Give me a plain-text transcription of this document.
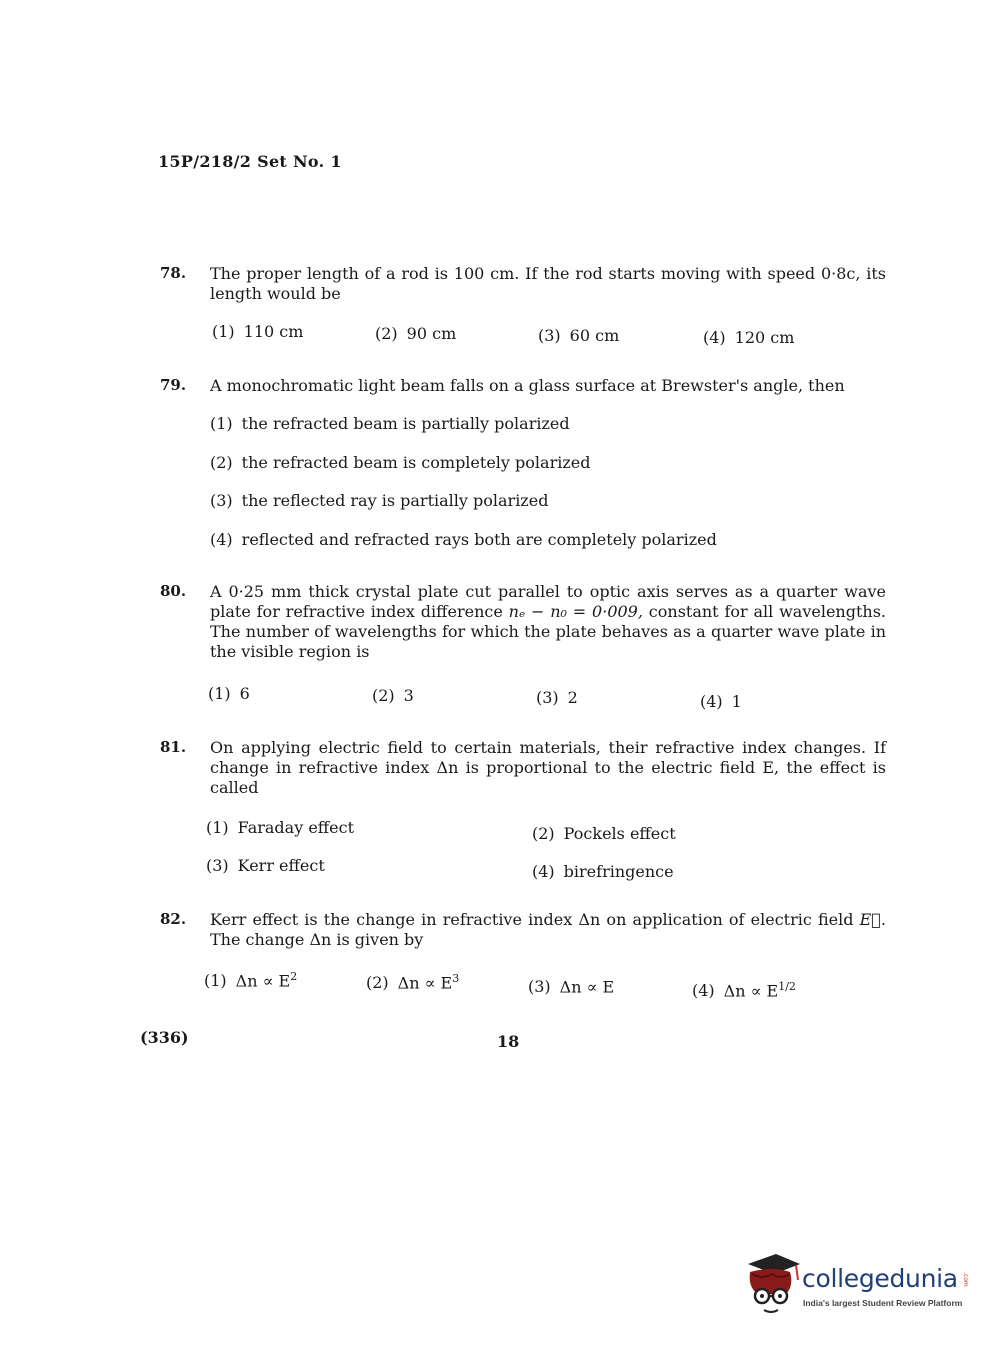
15P/218/2 Set No. 1
78.	The proper length of a rod is 100 cm. If the rod starts moving with speed 0·8c, its length would be
(1) 110 cm	(2) 90 cm	(3) 60 cm	(4) 120 cm
79.	A monochromatic light beam falls on a glass surface at Brewster's angle, then
(1) the refracted beam is partially polarized
(2) the refracted beam is completely polarized
(3) the reflected ray is partially polarized
(4) reflected and refracted rays both are completely polarized
80.	A 0·25 mm thick crystal plate cut parallel to optic axis serves as a quarter wave plate for refractive index difference nₑ − n₀ = 0·009, constant for all wavelengths. The number of wavelengths for which the plate behaves as a quarter wave plate in the visible region is
(1) 6	(2) 3	(3) 2	(4) 1
81.	On applying electric field to certain materials, their refractive index changes. If change in refractive index Δn is proportional to the electric field E, the effect is called
(1) Faraday effect	(2) Pockels effect
(3) Kerr effect	(4) birefringence
82.	Kerr effect is the change in refractive index Δn on application of electric field E⃗. The change Δn is given by
(1) $\Delta n \propto E^2$	(2) $\Delta n \propto E^3$	(3) Δn ∝ E	(4) $\Delta n \propto E^{1/2}$
(336)	18
collegedunia .com
India's largest Student Review Platform
